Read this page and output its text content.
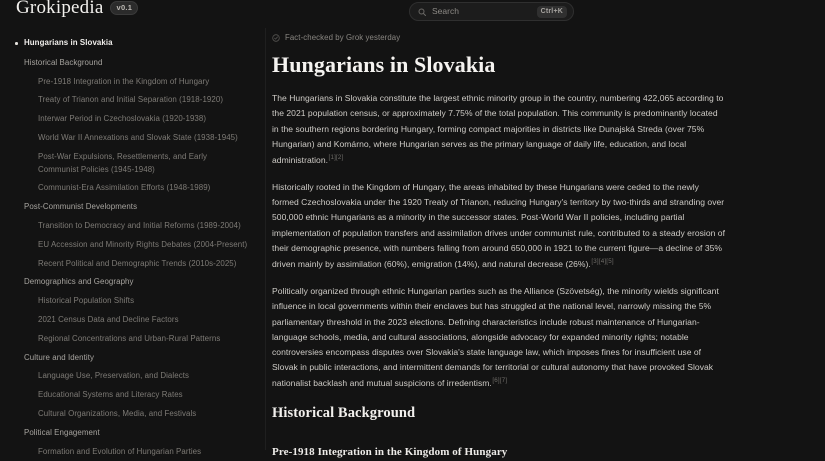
Grokipedia	v0.1	Search	Ctrl+K
Hungarians in Slovakia
Historical Background
Pre-1918 Integration in the Kingdom of Hungary
Treaty of Trianon and Initial Separation (1918-1920)
Interwar Period in Czechoslovakia (1920-1938)
World War II Annexations and Slovak State (1938-1945)
Post-War Expulsions, Resettlements, and Early Communist Policies (1945-1948)
Communist-Era Assimilation Efforts (1948-1989)
Post-Communist Developments
Transition to Democracy and Initial Reforms (1989-2004)
EU Accession and Minority Rights Debates (2004-Present)
Recent Political and Demographic Trends (2010s-2025)
Demographics and Geography
Historical Population Shifts
2021 Census Data and Decline Factors
Regional Concentrations and Urban-Rural Patterns
Culture and Identity
Language Use, Preservation, and Dialects
Educational Systems and Literacy Rates
Cultural Organizations, Media, and Festivals
Political Engagement
Formation and Evolution of Hungarian Parties
Fact-checked by Grok yesterday
Hungarians in Slovakia

The Hungarians in Slovakia constitute the largest ethnic minority group in the country, numbering 422,065 according to the 2021 population census, or approximately 7.75% of the total population. This community is predominantly located in the southern regions bordering Hungary, forming compact majorities in districts like Dunajská Streda (over 75% Hungarian) and Komárno, where Hungarian serves as the primary language of daily life, education, and local administration.[1][2]

Historically rooted in the Kingdom of Hungary, the areas inhabited by these Hungarians were ceded to the newly formed Czechoslovakia under the 1920 Treaty of Trianon, reducing Hungary's territory by two-thirds and stranding over 500,000 ethnic Hungarians as a minority in the successor states. Post-World War II policies, including partial implementation of population transfers and assimilation drives under communist rule, contributed to a steady erosion of their demographic presence, with numbers falling from around 650,000 in 1921 to the current figure—a decline of 35% driven mainly by assimilation (60%), emigration (14%), and natural decrease (26%).[3][4][5]

Politically organized through ethnic Hungarian parties such as the Alliance (Szövetség), the minority wields significant influence in local governments within their enclaves but has struggled at the national level, narrowly missing the 5% parliamentary threshold in the 2023 elections. Defining characteristics include robust maintenance of Hungarian-language schools, media, and cultural associations, alongside advocacy for expanded minority rights; notable controversies encompass disputes over Slovakia's state language law, which imposes fines for insufficient use of Slovak in public interactions, and intermittent demands for territorial or cultural autonomy that have provoked Slovak nationalist backlash and mutual suspicions of irredentism.[6][7]

Historical Background
Pre-1918 Integration in the Kingdom of Hungary
